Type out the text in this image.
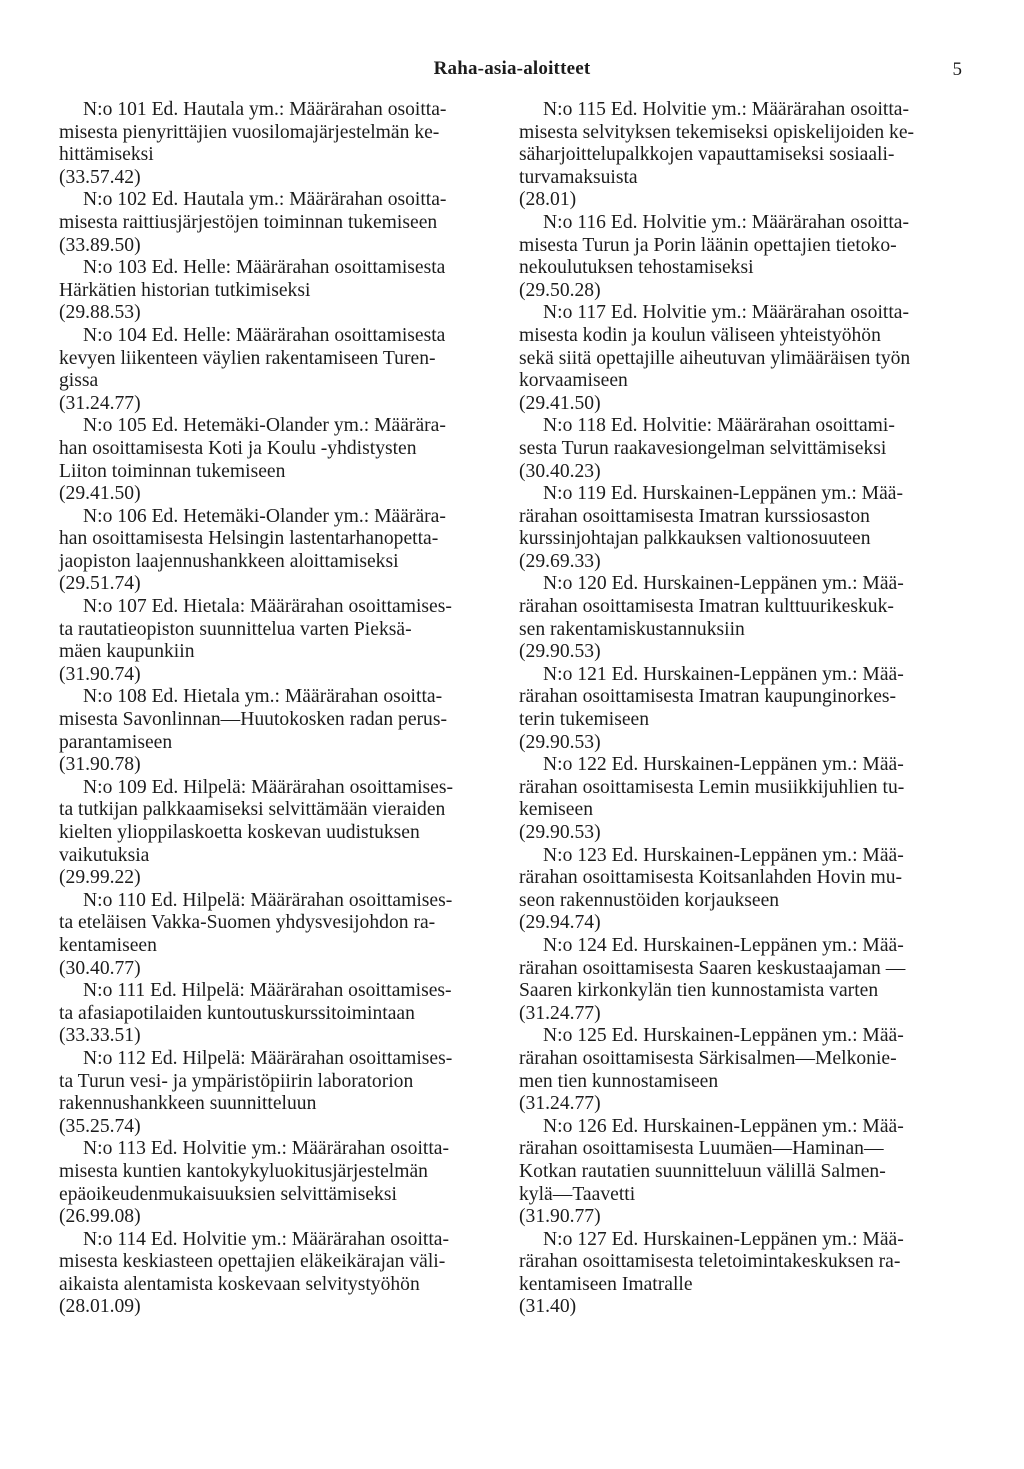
Raha-asia-aloitteet	5
N:o 101 Ed. Hautala ym.: Määrärahan osoitta-
misesta pienyrittäjien vuosilomajärjestelmän ke-
hittämiseksi
(33.57.42)
N:o 102 Ed. Hautala ym.: Määrärahan osoitta-
misesta raittiusjärjestöjen toiminnan tukemiseen
(33.89.50)
N:o 103 Ed. Helle: Määrärahan osoittamisesta
Härkätien historian tutkimiseksi
(29.88.53)
N:o 104 Ed. Helle: Määrärahan osoittamisesta
kevyen liikenteen väylien rakentamiseen Turen-
gissa
(31.24.77)
N:o 105 Ed. Hetemäki-Olander ym.: Määrära-
han osoittamisesta Koti ja Koulu -yhdistysten
Liiton toiminnan tukemiseen
(29.41.50)
N:o 106 Ed. Hetemäki-Olander ym.: Määrära-
han osoittamisesta Helsingin lastentarhanopetta-
jaopiston laajennushankkeen aloittamiseksi
(29.51.74)
N:o 107 Ed. Hietala: Määrärahan osoittamises-
ta rautatieopiston suunnittelua varten Pieksä-
mäen kaupunkiin
(31.90.74)
N:o 108 Ed. Hietala ym.: Määrärahan osoitta-
misesta Savonlinnan—Huutokosken radan perus-
parantamiseen
(31.90.78)
N:o 109 Ed. Hilpelä: Määrärahan osoittamises-
ta tutkijan palkkaamiseksi selvittämään vieraiden
kielten ylioppilaskoetta koskevan uudistuksen
vaikutuksia
(29.99.22)
N:o 110 Ed. Hilpelä: Määrärahan osoittamises-
ta eteläisen Vakka-Suomen yhdysvesijohdon ra-
kentamiseen
(30.40.77)
N:o 111 Ed. Hilpelä: Määrärahan osoittamises-
ta afasiapotilaiden kuntoutuskurssitoimintaan
(33.33.51)
N:o 112 Ed. Hilpelä: Määrärahan osoittamises-
ta Turun vesi- ja ympäristöpiirin laboratorion
rakennushankkeen suunnitteluun
(35.25.74)
N:o 113 Ed. Holvitie ym.: Määrärahan osoitta-
misesta kuntien kantokykyluokitusjärjestelmän
epäoikeudenmukaisuuksien selvittämiseksi
(26.99.08)
N:o 114 Ed. Holvitie ym.: Määrärahan osoitta-
misesta keskiasteen opettajien eläkeikärajan väli-
aikaista alentamista koskevaan selvitystyöhön
(28.01.09)
N:o 115 Ed. Holvitie ym.: Määrärahan osoitta-
misesta selvityksen tekemiseksi opiskelijoiden ke-
säharjoittelupalkkojen vapauttamiseksi sosiaali-
turvamaksuista
(28.01)
N:o 116 Ed. Holvitie ym.: Määrärahan osoitta-
misesta Turun ja Porin läänin opettajien tietoko-
nekoulutuksen tehostamiseksi
(29.50.28)
N:o 117 Ed. Holvitie ym.: Määrärahan osoitta-
misesta kodin ja koulun väliseen yhteistyöhön
sekä siitä opettajille aiheutuvan ylimääräisen työn
korvaamiseen
(29.41.50)
N:o 118 Ed. Holvitie: Määrärahan osoittami-
sesta Turun raakavesiongelman selvittämiseksi
(30.40.23)
N:o 119 Ed. Hurskainen-Leppänen ym.: Mää-
rärahan osoittamisesta Imatran kurssiosaston
kurssinjohtajan palkkauksen valtionosuuteen
(29.69.33)
N:o 120 Ed. Hurskainen-Leppänen ym.: Mää-
rärahan osoittamisesta Imatran kulttuurikeskuk-
sen rakentamiskustannuksiin
(29.90.53)
N:o 121 Ed. Hurskainen-Leppänen ym.: Mää-
rärahan osoittamisesta Imatran kaupunginorkes-
terin tukemiseen
(29.90.53)
N:o 122 Ed. Hurskainen-Leppänen ym.: Mää-
rärahan osoittamisesta Lemin musiikkijuhlien tu-
kemiseen
(29.90.53)
N:o 123 Ed. Hurskainen-Leppänen ym.: Mää-
rärahan osoittamisesta Koitsanlahden Hovin mu-
seon rakennustöiden korjaukseen
(29.94.74)
N:o 124 Ed. Hurskainen-Leppänen ym.: Mää-
rärahan osoittamisesta Saaren keskustaajaman —
Saaren kirkonkylän tien kunnostamista varten
(31.24.77)
N:o 125 Ed. Hurskainen-Leppänen ym.: Mää-
rärahan osoittamisesta Särkisalmen—Melkonie-
men tien kunnostamiseen
(31.24.77)
N:o 126 Ed. Hurskainen-Leppänen ym.: Mää-
rärahan osoittamisesta Luumäen—Haminan—
Kotkan rautatien suunnitteluun välillä Salmen-
kylä—Taavetti
(31.90.77)
N:o 127 Ed. Hurskainen-Leppänen ym.: Mää-
rärahan osoittamisesta teletoimintakeskuksen ra-
kentamiseen Imatralle
(31.40)
